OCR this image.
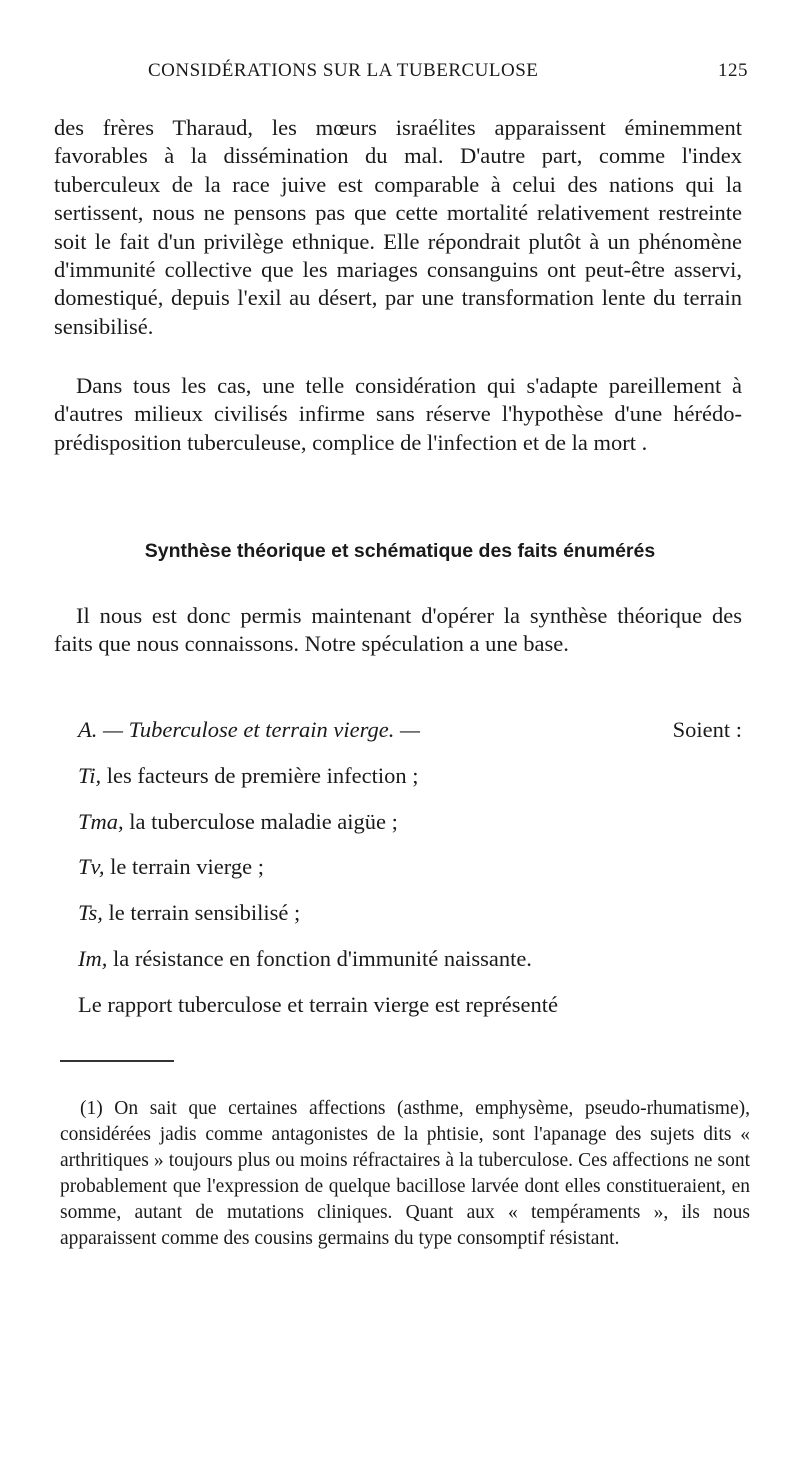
CONSIDÉRATIONS SUR LA TUBERCULOSE	125

des frères Tharaud, les mœurs israélites apparaissent éminemment favorables à la dissémination du mal. D'autre part, comme l'index tuberculeux de la race juive est comparable à celui des nations qui la sertissent, nous ne pensons pas que cette mortalité relativement restreinte soit le fait d'un privilège ethnique. Elle répondrait plutôt à un phénomène d'immunité collective que les mariages consanguins ont peut-être asservi, domestiqué, depuis l'exil au désert, par une transformation lente du terrain sensibilisé.

Dans tous les cas, une telle considération qui s'adapte pareillement à d'autres milieux civilisés infirme sans réserve l'hypothèse d'une hérédo-prédisposition tuberculeuse, complice de l'infection et de la mort .

Synthèse théorique et schématique des faits énumérés

Il nous est donc permis maintenant d'opérer la synthèse théorique des faits que nous connaissons. Notre spéculation a une base.

A. — Tuberculose et terrain vierge. —	Soient :

Ti, les facteurs de première infection ;

Tma, la tuberculose maladie aigüe ;

Tv, le terrain vierge ;

Ts, le terrain sensibilisé ;

Im, la résistance en fonction d'immunité naissante.

Le rapport tuberculose et terrain vierge est représenté

(1) On sait que certaines affections (asthme, emphysème, pseudo-rhumatisme), considérées jadis comme antagonistes de la phtisie, sont l'apanage des sujets dits « arthritiques » toujours plus ou moins réfractaires à la tuberculose. Ces affections ne sont probablement que l'expression de quelque bacillose larvée dont elles constitueraient, en somme, autant de mutations cliniques. Quant aux « tempéraments », ils nous apparaissent comme des cousins germains du type consomptif résistant.
